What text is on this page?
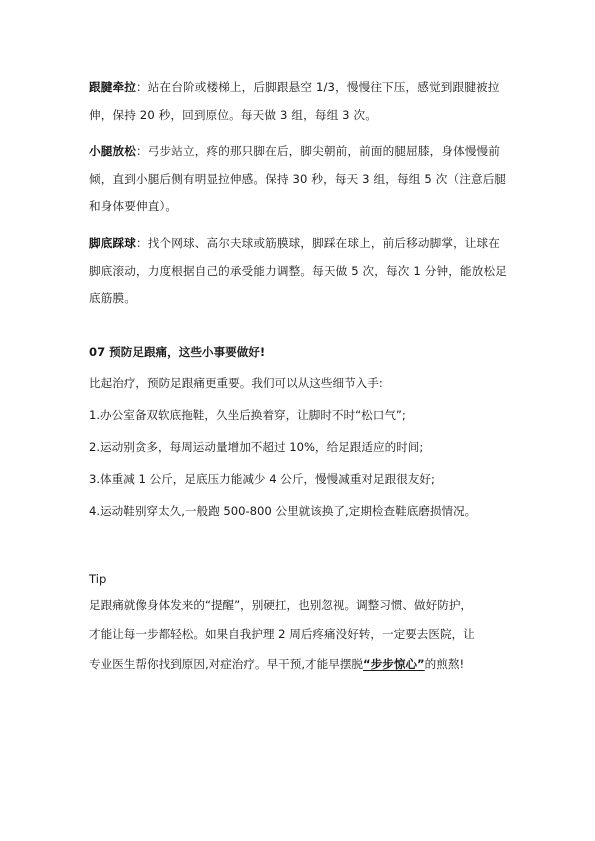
跟腱牵拉：站在台阶或楼梯上，后脚跟悬空 1/3，慢慢往下压，感觉到跟腱被拉伸，保持 20 秒，回到原位。每天做 3 组，每组 3 次。
小腿放松：弓步站立，疼的那只脚在后，脚尖朝前，前面的腿屈膝，身体慢慢前倾，直到小腿后侧有明显拉伸感。保持 30 秒，每天 3 组，每组 5 次（注意后腿和身体要伸直）。
脚底踩球：找个网球、高尔夫球或筋膜球，脚踩在球上，前后移动脚掌，让球在脚底滚动，力度根据自己的承受能力调整。每天做 5 次，每次 1 分钟，能放松足底筋膜。
07 预防足跟痛，这些小事要做好!
比起治疗，预防足跟痛更重要。我们可以从这些细节入手:
1.办公室备双软底拖鞋，久坐后换着穿，让脚时不时“松口气”;
2.运动别贪多，每周运动量增加不超过 10%，给足跟适应的时间;
3.体重减 1 公斤，足底压力能减少 4 公斤，慢慢减重对足跟很友好;
4.运动鞋别穿太久,一般跑 500-800 公里就该换了,定期检查鞋底磨损情况。
Tip
足跟痛就像身体发来的“提醒”，别硬扛，也别忽视。调整习惯、做好防护，
才能让每一步都轻松。如果自我护理 2 周后疼痛没好转，一定要去医院，让
专业医生帮你找到原因,对症治疗。早干预,才能早摆脱“步步惊心”的煎熬!
